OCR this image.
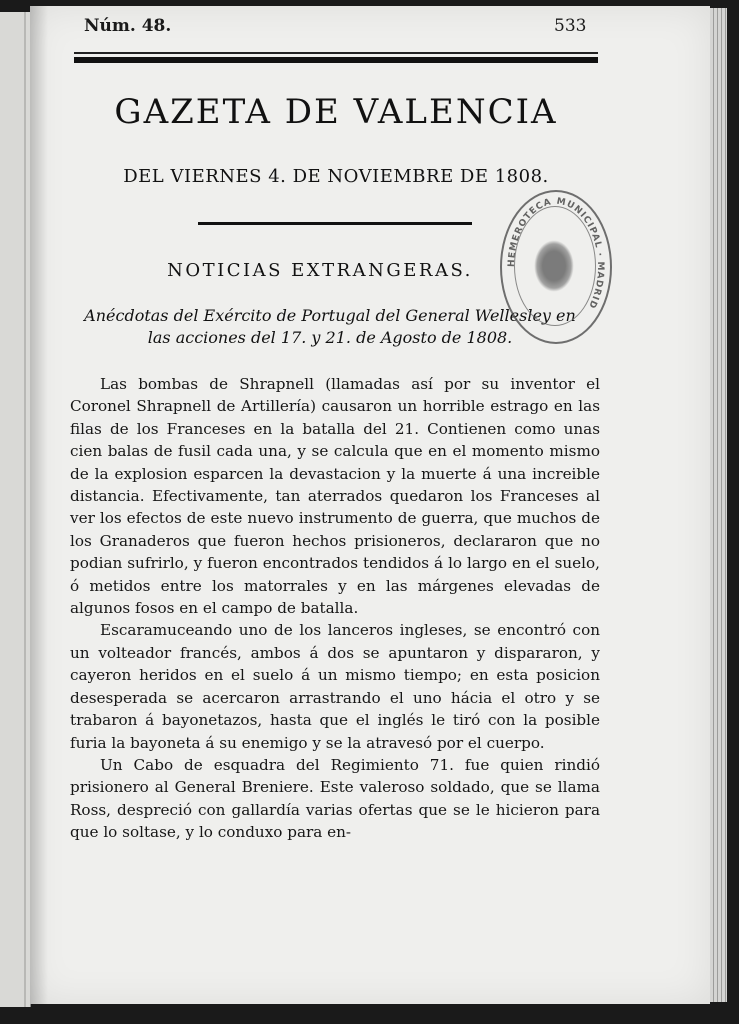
Núm. 48.	533
GAZETA DE VALENCIA
DEL VIERNES 4. DE NOVIEMBRE DE 1808.
NOTICIAS EXTRANGERAS.
Anécdotas del Exército de Portugal del General Wellesley en
las acciones del 17. y 21. de Agosto de 1808.
HEMEROTECA MUNICIPAL · MADRID

Las bombas de Shrapnell (llamadas así por su inventor el Coronel Shrapnell de Artillería) causaron un horrible estrago en las filas de los Franceses en la batalla del 21. Contienen como unas cien balas de fusil cada una, y se calcula que en el momento mismo de la explosion esparcen la devastacion y la muerte á una increible distancia. Efectivamente, tan aterrados quedaron los Franceses al ver los efectos de este nuevo instrumento de guerra, que muchos de los Granaderos que fueron hechos prisioneros, declararon que no podian sufrirlo, y fueron encontrados tendidos á lo largo en el suelo, ó metidos entre los matorrales y en las márgenes elevadas de algunos fosos en el campo de batalla.

Escaramuceando uno de los lanceros ingleses, se encontró con un volteador francés, ambos á dos se apuntaron y dispararon, y cayeron heridos en el suelo á un mismo tiempo; en esta posicion desesperada se acercaron arrastrando el uno hácia el otro y se trabaron á bayonetazos, hasta que el inglés le tiró con la posible furia la bayoneta á su enemigo y se la atravesó por el cuerpo.

Un Cabo de esquadra del Regimiento 71. fue quien rindió prisionero al General Breniere. Este valeroso soldado, que se llama Ross, despreció con gallardía varias ofertas que se le hicieron para que lo soltase, y lo conduxo para en-
